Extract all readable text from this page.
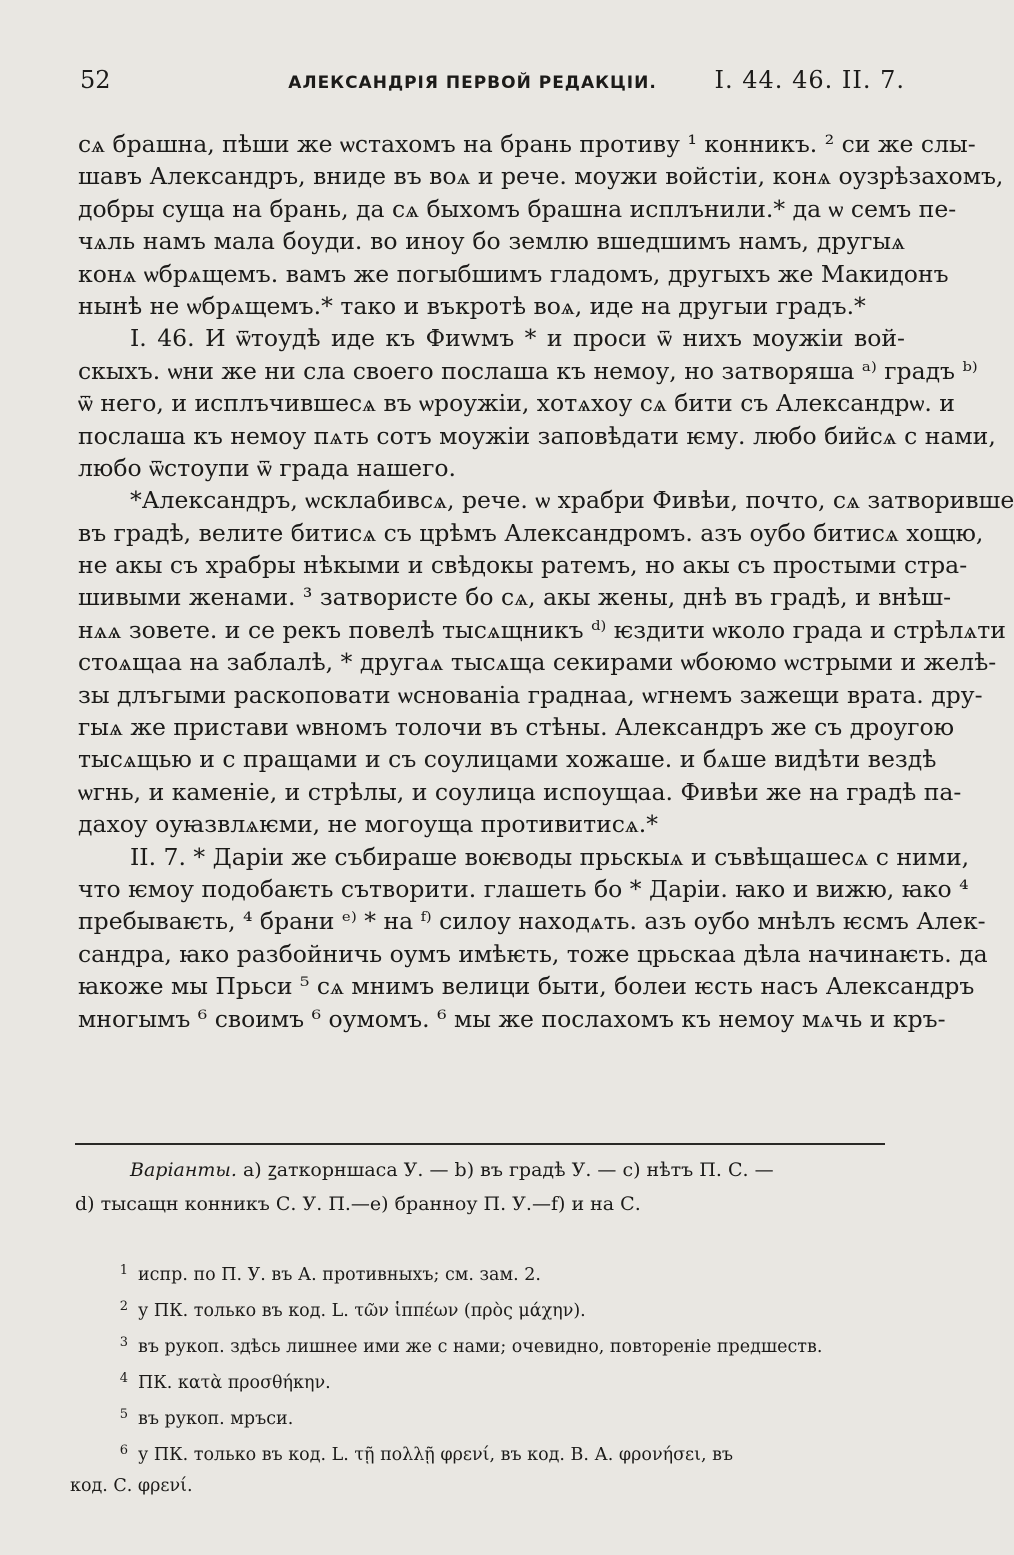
52	АЛЕКСАНДРІЯ ПЕРВОЙ РЕДАКЦІИ. I. 44. 46. II. 7.
сѧ брашна, пѣши же ѡстахомъ на брань противу ¹ конникъ. ² си же слы-
шавъ Александръ, вниде въ воѧ и рече. моужи войстіи, конѧ оузрѣзахомъ,
добры суща на брань, да сѧ быхомъ брашна исплънили.* да ѡ семъ пе-
чѧль намъ мала боуди. во иноу бо землю вшедшимъ намъ, другыѧ
конѧ ѡбрѧщемъ. вамъ же погыбшимъ гладомъ, другыхъ же Макидонъ
нынѣ не ѡбрѧщемъ.* тако и въкротѣ воѧ, иде на другыи градъ.*
I. 46. И ѿтоудѣ иде къ Фиwмъ * и проси ѿ нихъ моужіи вой-
скыхъ. ѡни же ни сла своего послаша къ немоу, но затворяша ᵃ⁾ градъ ᵇ⁾
ѿ него, и исплъчившесѧ въ ѡроужіи, хотѧхоу сѧ бити съ Александрѡ. и
послаша къ немоу пѧть сотъ моужіи заповѣдати ѥму. любо бийсѧ с нами,
любо ѿстоупи ѿ града нашего.
*Александръ, ѡсклабивсѧ, рече. ѡ храбри Фивѣи, почто, сѧ затворивше
въ градѣ, велите битисѧ съ црѣмъ Александромъ. азъ оубо битисѧ хощю,
не акы съ храбры нѣкыми и свѣдокы ратемъ, но акы съ простыми стра-
шивыми женами. ³ затвористе бо сѧ, акы жены, днѣ въ градѣ, и внѣш-
нѧѧ зовете. и се рекъ повелѣ тысѧщникъ ᵈ⁾ ѥздити ѡколо града и стрѣлѧти
стоѧщаа на заблалѣ, * другаѧ тысѧща секирами ѡбоюмо ѡстрыми и желѣ-
зы длъгыми раскоповати ѡснованіа граднаа, ѡгнемъ зажещи врата. дру-
гыѧ же пристави ѡвномъ толочи въ стѣны. Александръ же съ дроугою
тысѧщью и с пращами и съ соулицами хожаше. и бѧше видѣти вездѣ
ѡгнь, и каменіе, и стрѣлы, и соулица испоущаа. Фивѣи же на градѣ па-
дахоу оуꙗзвлѧѥми, не могоуща противитисѧ.*
II. 7. * Даріи же събираше воѥводы прьскыѧ и съвѣщашесѧ с ними,
что ѥмоу подобаѥть сътворити. глашеть бо * Даріи. ꙗко и вижю, ꙗко ⁴
пребываѥть, ⁴ брани ᵉ⁾ * на ᶠ⁾ силоу находѧть. азъ оубо мнѣлъ ѥсмъ Алек-
сандра, ꙗко разбойничь оумъ имѣѥть, тоже црьскаа дѣла начинаѥть. да
ꙗкоже мы Прьси ⁵ сѧ мнимъ велици быти, болеи ѥсть насъ Александръ
многымъ ⁶ своимъ ⁶ оумомъ. ⁶ мы же послахомъ къ немоу мѧчь и кръ-
Варіанты. а) ꙁаткорншаса У. — b) въ градѣ У. — с) нѣтъ П. С. —
d) тысащн конникъ С. У. П.—е) браннoу П. У.—f) и на С.
1 испр. по П. У. въ А. противныхъ; см. зам. 2.
2 у ПК. только въ код. L. τῶν ἱππέων (πρὸς μάχην).
3 въ рукоп. здѣсь лишнее ими же с нами; очевидно, повтореніе предшеств.
4 ПК. κατὰ προσθήκην.
5 въ рукоп. мръси.
6 у ПК. только въ код. L. τῇ πολλῇ φρενί, въ код. В. А. φρονήσει, въ
код. С. φρενί.
